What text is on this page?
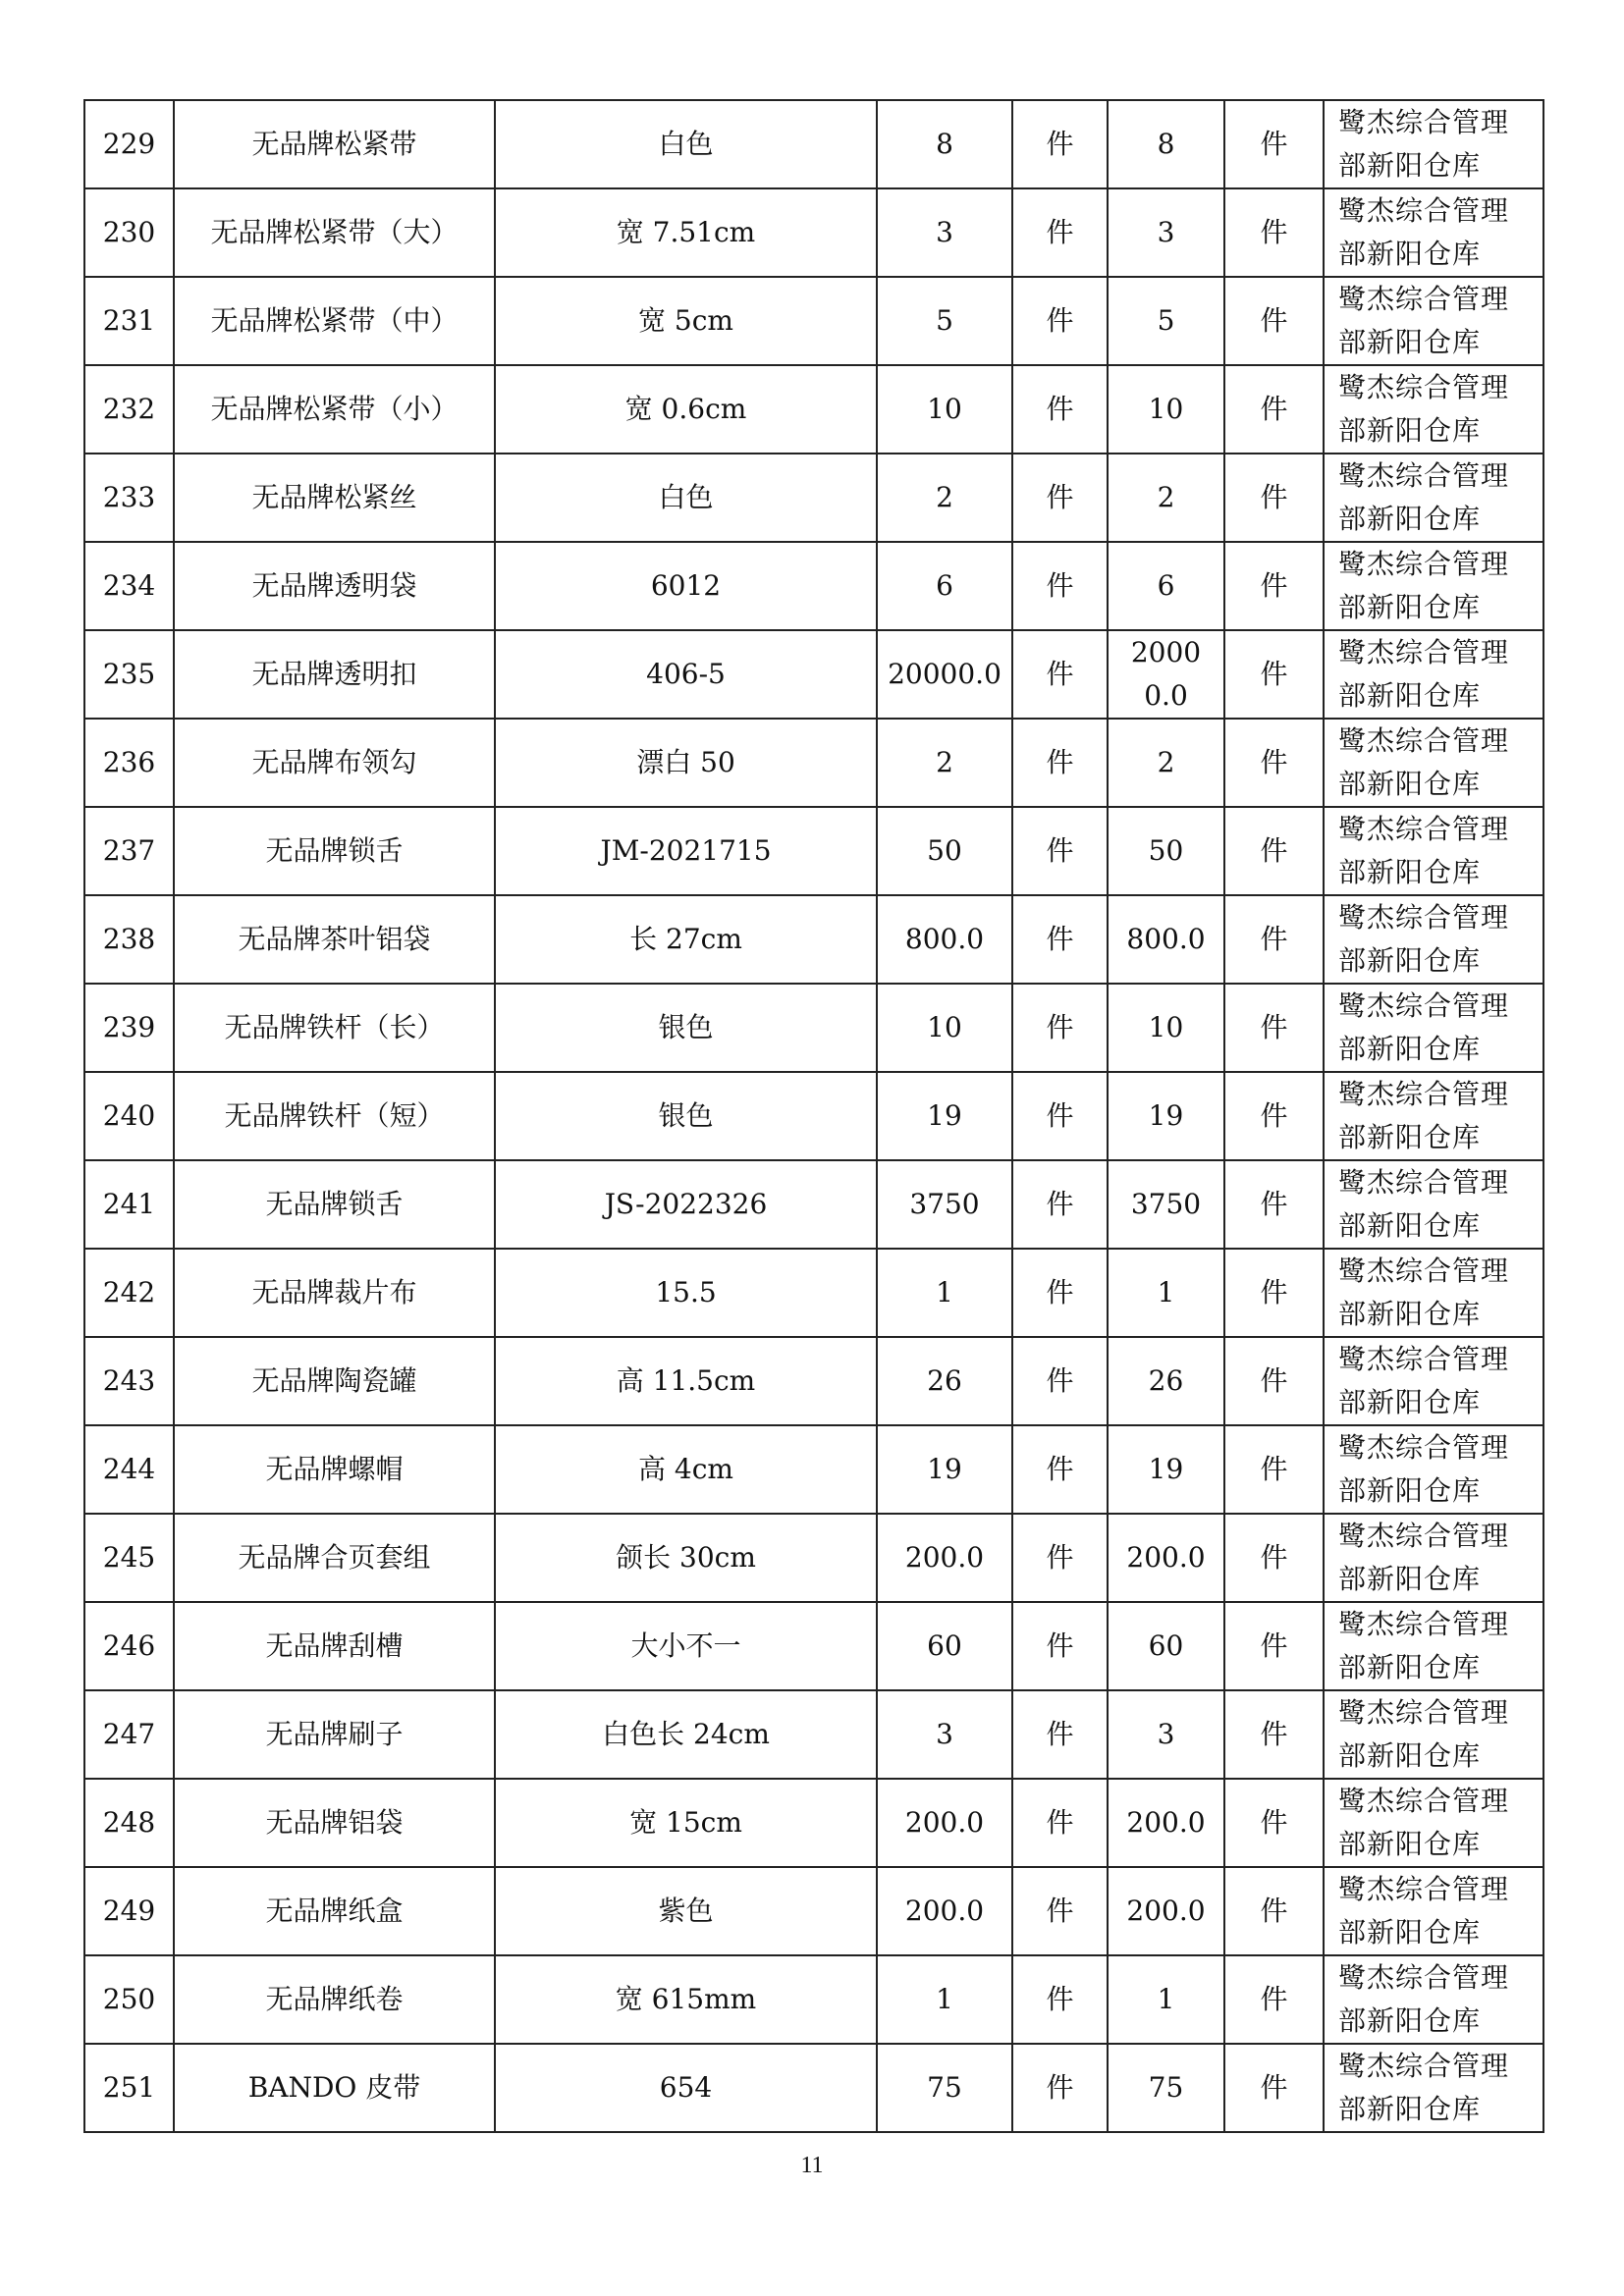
229	无品牌松紧带	白色	8	件	8	件	鹭杰综合管理部新阳仓库
230	无品牌松紧带（大）	宽 7.51cm	3	件	3	件	鹭杰综合管理部新阳仓库
231	无品牌松紧带（中）	宽 5cm	5	件	5	件	鹭杰综合管理部新阳仓库
232	无品牌松紧带（小）	宽 0.6cm	10	件	10	件	鹭杰综合管理部新阳仓库
233	无品牌松紧丝	白色	2	件	2	件	鹭杰综合管理部新阳仓库
234	无品牌透明袋	6012	6	件	6	件	鹭杰综合管理部新阳仓库
235	无品牌透明扣	406-5	20000.0	件	20000.0	件	鹭杰综合管理部新阳仓库
236	无品牌布领勾	漂白 50	2	件	2	件	鹭杰综合管理部新阳仓库
237	无品牌锁舌	JM-2021715	50	件	50	件	鹭杰综合管理部新阳仓库
238	无品牌茶叶铝袋	长 27cm	800.0	件	800.0	件	鹭杰综合管理部新阳仓库
239	无品牌铁杆（长）	银色	10	件	10	件	鹭杰综合管理部新阳仓库
240	无品牌铁杆（短）	银色	19	件	19	件	鹭杰综合管理部新阳仓库
241	无品牌锁舌	JS-2022326	3750	件	3750	件	鹭杰综合管理部新阳仓库
242	无品牌裁片布	15.5	1	件	1	件	鹭杰综合管理部新阳仓库
243	无品牌陶瓷罐	高 11.5cm	26	件	26	件	鹭杰综合管理部新阳仓库
244	无品牌螺帽	高 4cm	19	件	19	件	鹭杰综合管理部新阳仓库
245	无品牌合页套组	颌长 30cm	200.0	件	200.0	件	鹭杰综合管理部新阳仓库
246	无品牌刮槽	大小不一	60	件	60	件	鹭杰综合管理部新阳仓库
247	无品牌刷子	白色长 24cm	3	件	3	件	鹭杰综合管理部新阳仓库
248	无品牌铝袋	宽 15cm	200.0	件	200.0	件	鹭杰综合管理部新阳仓库
249	无品牌纸盒	紫色	200.0	件	200.0	件	鹭杰综合管理部新阳仓库
250	无品牌纸卷	宽 615mm	1	件	1	件	鹭杰综合管理部新阳仓库
251	BANDO 皮带	654	75	件	75	件	鹭杰综合管理部新阳仓库
11
